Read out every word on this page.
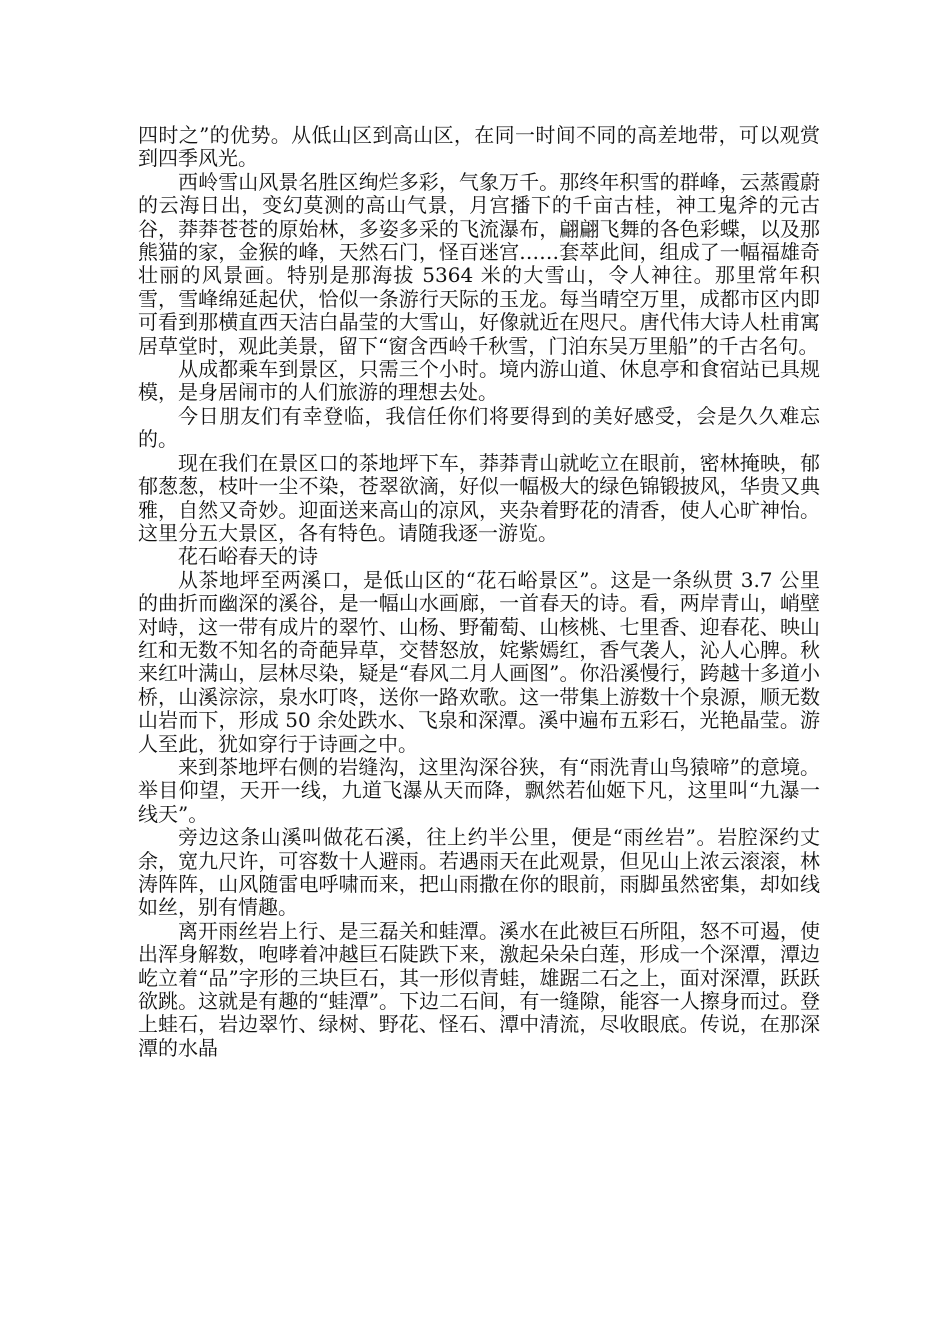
四时之”的优势。从低山区到高山区，在同一时间不同的高差地带，可以观赏到四季风光。

西岭雪山风景名胜区绚烂多彩，气象万千。那终年积雪的群峰，云蒸霞蔚的云海日出，变幻莫测的高山气景，月宫播下的千亩古桂，神工鬼斧的元古谷，莽莽苍苍的原始林，多姿多采的飞流瀑布，翩翩飞舞的各色彩蝶，以及那熊猫的家，金猴的峰，天然石门，怪百迷宫……套萃此间，组成了一幅福雄奇壮丽的风景画。特别是那海拔 5364 米的大雪山，令人神往。那里常年积雪，雪峰绵延起伏，恰似一条游行天际的玉龙。每当晴空万里，成都市区内即可看到那横直西天洁白晶莹的大雪山，好像就近在咫尺。唐代伟大诗人杜甫寓居草堂时，观此美景，留下“窗含西岭千秋雪，门泊东吴万里船”的千古名句。

从成都乘车到景区，只需三个小时。境内游山道、休息亭和食宿站已具规模，是身居闹市的人们旅游的理想去处。

今日朋友们有幸登临，我信任你们将要得到的美好感受，会是久久难忘的。

现在我们在景区口的茶地坪下车，莽莽青山就屹立在眼前，密林掩映，郁郁葱葱，枝叶一尘不染，苍翠欲滴，好似一幅极大的绿色锦锻披风，华贵又典雅，自然又奇妙。迎面送来高山的凉风，夹杂着野花的清香，使人心旷神怡。这里分五大景区，各有特色。请随我逐一游览。

花石峪春天的诗

从茶地坪至两溪口，是低山区的“花石峪景区”。这是一条纵贯 3.7 公里的曲折而幽深的溪谷，是一幅山水画廊，一首春天的诗。看，两岸青山，峭壁对峙，这一带有成片的翠竹、山杨、野葡萄、山核桃、七里香、迎春花、映山红和无数不知名的奇葩异草，交替怒放，姹紫嫣红，香气袭人，沁人心脾。秋来红叶满山，层林尽染，疑是“春风二月人画图”。你沿溪慢行，跨越十多道小桥，山溪淙淙，泉水叮咚，送你一路欢歌。这一带集上游数十个泉源，顺无数山岩而下，形成 50 余处跌水、飞泉和深潭。溪中遍布五彩石，光艳晶莹。游人至此，犹如穿行于诗画之中。

来到茶地坪右侧的岩缝沟，这里沟深谷狭，有“雨洗青山鸟猿啼”的意境。举目仰望，天开一线，九道飞瀑从天而降，飘然若仙姬下凡，这里叫“九瀑一线天”。

旁边这条山溪叫做花石溪，往上约半公里，便是“雨丝岩”。岩腔深约丈余，宽九尺许，可容数十人避雨。若遇雨天在此观景，但见山上浓云滚滚，林涛阵阵，山风随雷电呼啸而来，把山雨撒在你的眼前，雨脚虽然密集，却如线如丝，别有情趣。

离开雨丝岩上行、是三磊关和蛙潭。溪水在此被巨石所阻，怒不可遏，使出浑身解数，咆哮着冲越巨石陡跌下来，激起朵朵白莲，形成一个深潭，潭边屹立着“品”字形的三块巨石，其一形似青蛙，雄踞二石之上，面对深潭，跃跃欲跳。这就是有趣的“蛙潭”。下边二石间，有一缝隙，能容一人擦身而过。登上蛙石，岩边翠竹、绿树、野花、怪石、潭中清流，尽收眼底。传说，在那深潭的水晶
